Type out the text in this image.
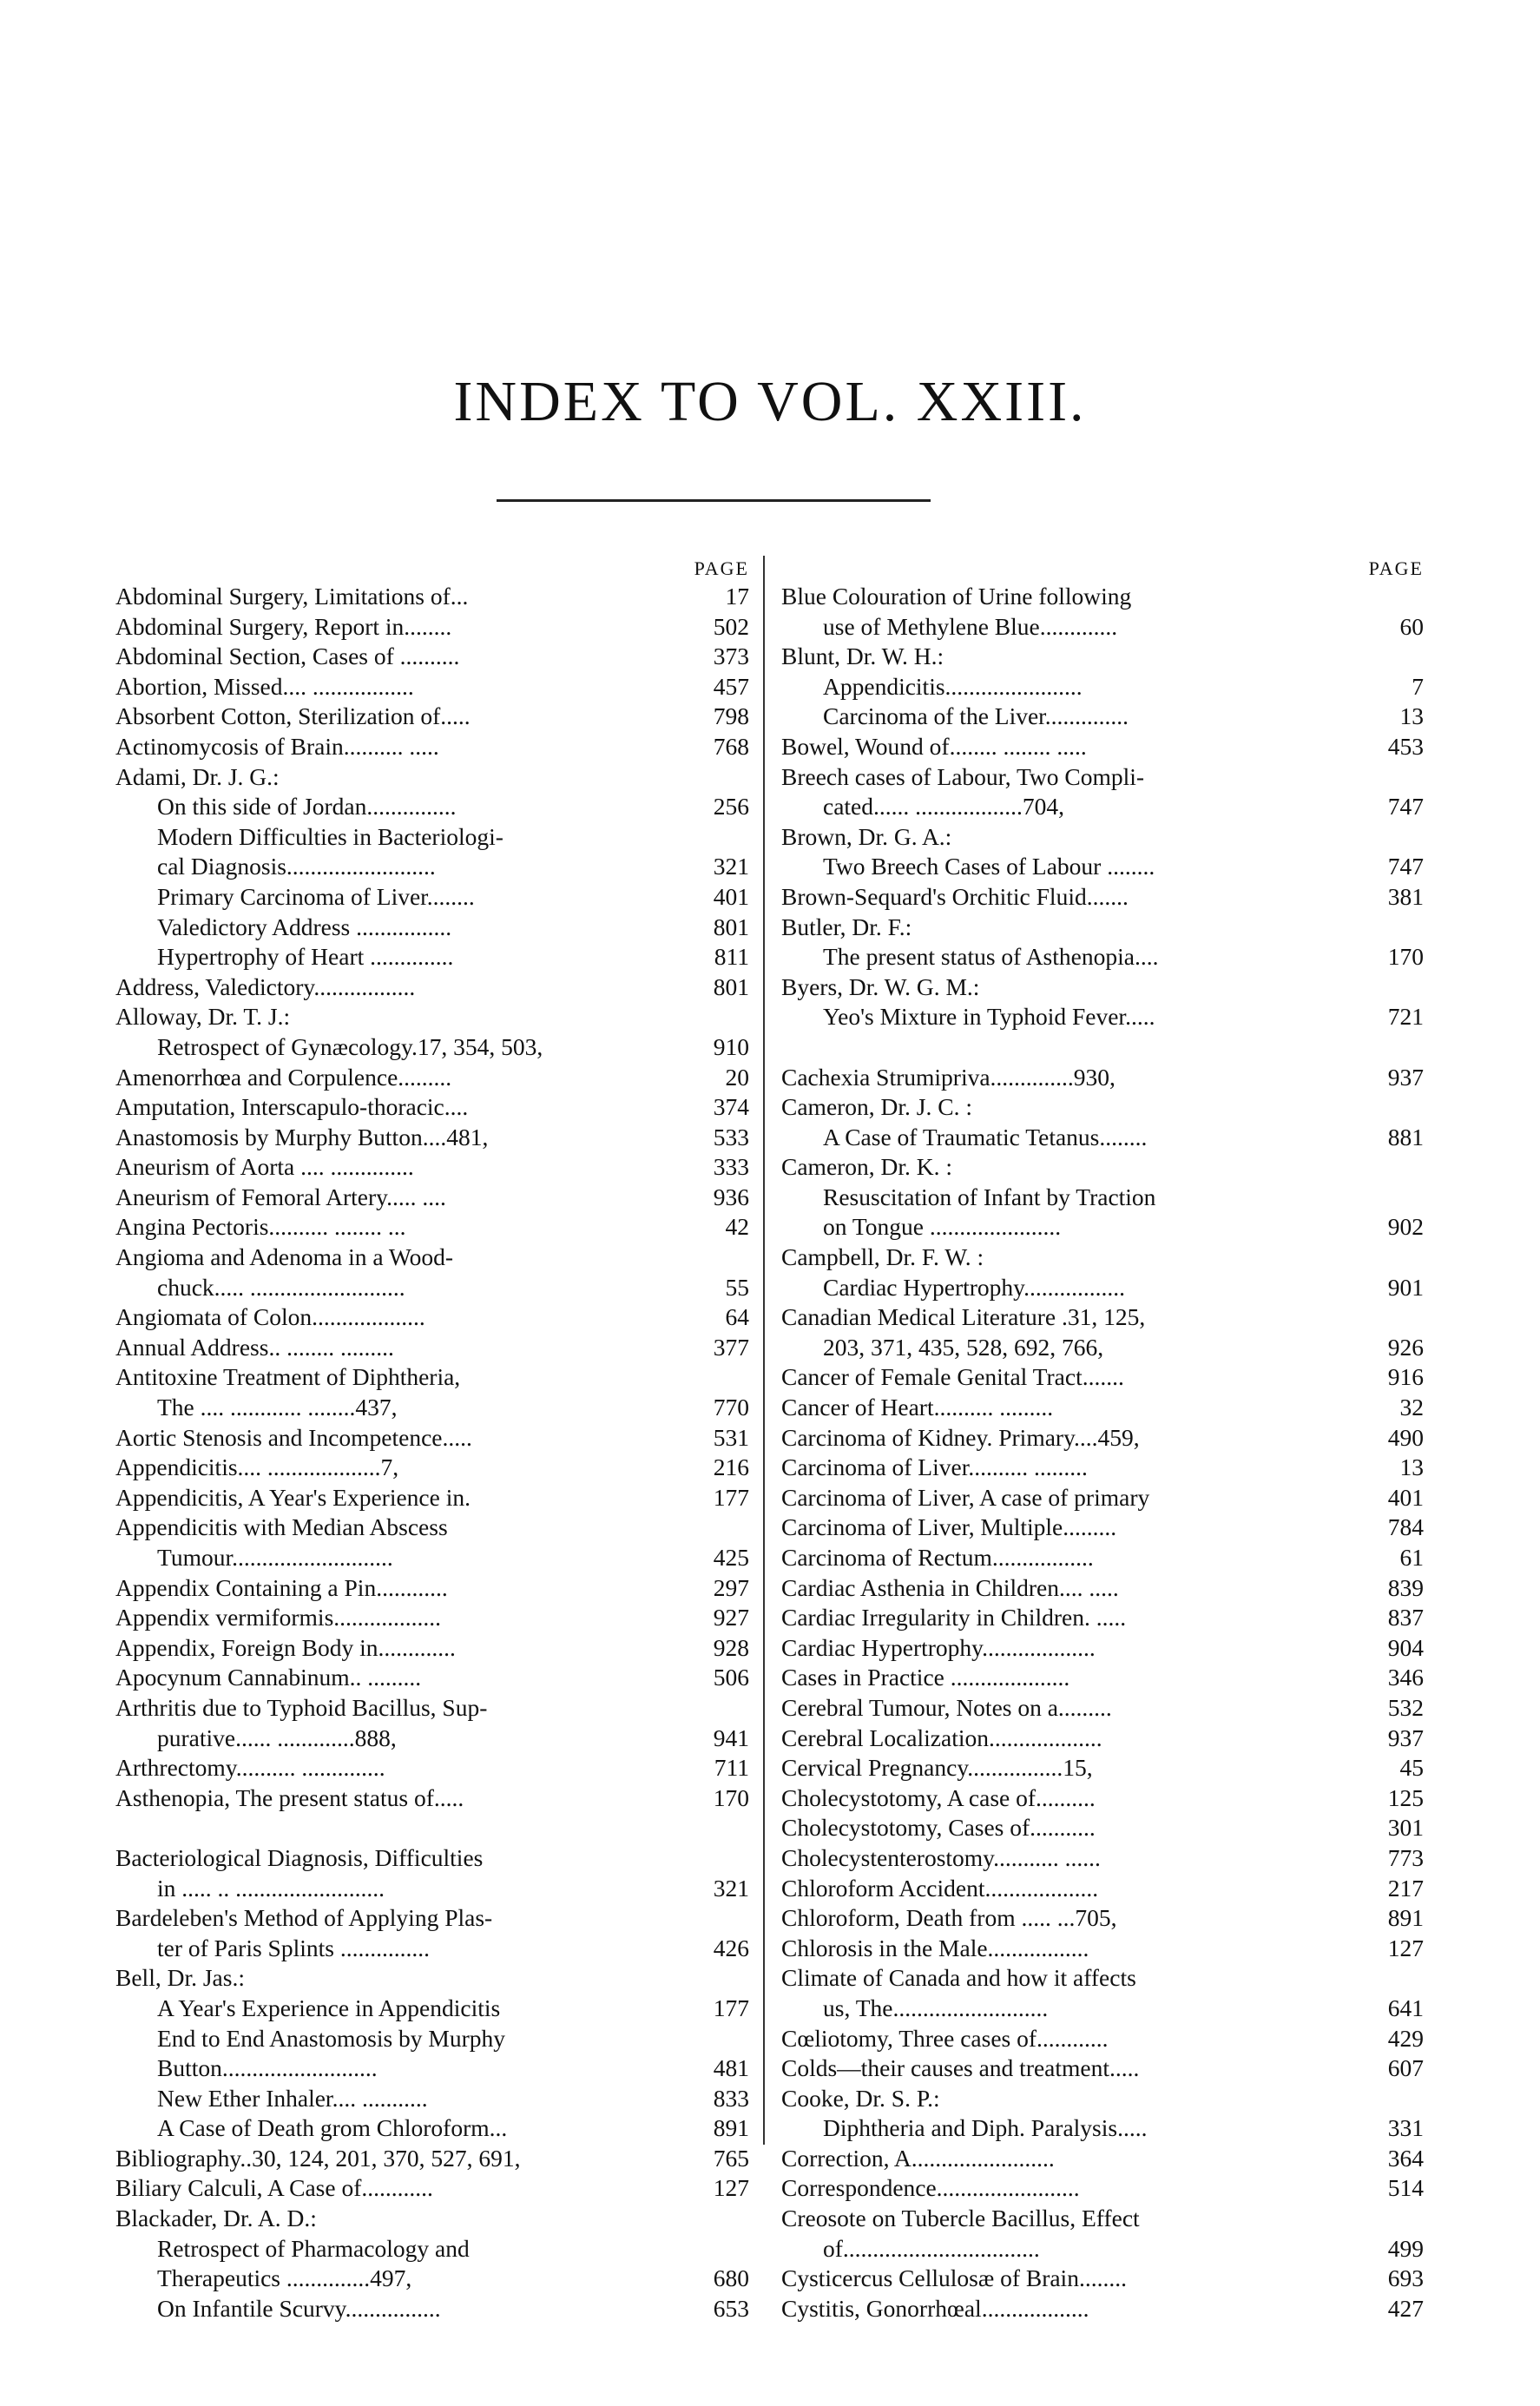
INDEX TO VOL. XXIII.
PAGE
Abdominal Surgery, Limitations of...	17
Abdominal Surgery, Report in........	502
Abdominal Section, Cases of ..........	373
Abortion, Missed.... .................	457
Absorbent Cotton, Sterilization of.....	798
Actinomycosis of Brain.......... .....	768
Adami, Dr. J. G.:
On this side of Jordan...............	256
Modern Difficulties in Bacteriologi-
cal Diagnosis.........................	321
Primary Carcinoma of Liver........	401
Valedictory Address ................	801
Hypertrophy of Heart ..............	811
Address, Valedictory.................	801
Alloway, Dr. T. J.:
Retrospect of Gynæcology.17, 354, 503,	910
Amenorrhœa and Corpulence.........	20
Amputation, Interscapulo-thoracic....	374
Anastomosis by Murphy Button....481,	533
Aneurism of Aorta .... ..............	333
Aneurism of Femoral Artery..... ....	936
Angina Pectoris.......... ........ ...	42
Angioma and Adenoma in a Wood-
chuck..... ..........................	55
Angiomata of Colon...................	64
Annual Address.. ........ .........	377
Antitoxine Treatment of Diphtheria,
The .... ............ ........437,	770
Aortic Stenosis and Incompetence.....	531
Appendicitis.... ...................7,	216
Appendicitis, A Year's Experience in.	177
Appendicitis with Median Abscess
Tumour...........................	425
Appendix Containing a Pin............	297
Appendix vermiformis..................	927
Appendix, Foreign Body in.............	928
Apocynum Cannabinum.. .........	506
Arthritis due to Typhoid Bacillus, Sup-
purative...... .............888,	941
Arthrectomy.......... ..............	711
Asthenopia, The present status of.....	170
Bacteriological Diagnosis, Difficulties
in ..... .. .........................	321
Bardeleben's Method of Applying Plas-
ter of Paris Splints ...............	426
Bell, Dr. Jas.:
A Year's Experience in Appendicitis	177
End to End Anastomosis by Murphy
Button..........................	481
New Ether Inhaler.... ...........	833
A Case of Death grom Chloroform...	891
Bibliography..30, 124, 201, 370, 527, 691,	765
Biliary Calculi, A Case of............	127
Blackader, Dr. A. D.:
Retrospect of Pharmacology and
Therapeutics ..............497,	680
On Infantile Scurvy................	653
PAGE
Blue Colouration of Urine following
use of Methylene Blue.............	60
Blunt, Dr. W. H.:
Appendicitis.......................	7
Carcinoma of the Liver..............	13
Bowel, Wound of........ ........ .....	453
Breech cases of Labour, Two Compli-
cated...... ..................704,	747
Brown, Dr. G. A.:
Two Breech Cases of Labour ........	747
Brown-Sequard's Orchitic Fluid.......	381
Butler, Dr. F.:
The present status of Asthenopia....	170
Byers, Dr. W. G. M.:
Yeo's Mixture in Typhoid Fever.....	721
Cachexia Strumipriva..............930,	937
Cameron, Dr. J. C. :
A Case of Traumatic Tetanus........	881
Cameron, Dr. K. :
Resuscitation of Infant by Traction
on Tongue ......................	902
Campbell, Dr. F. W. :
Cardiac Hypertrophy.................	901
Canadian Medical Literature .31, 125,
203, 371, 435, 528, 692, 766,	926
Cancer of Female Genital Tract.......	916
Cancer of Heart.......... .........	32
Carcinoma of Kidney. Primary....459,	490
Carcinoma of Liver.......... .........	13
Carcinoma of Liver, A case of primary	401
Carcinoma of Liver, Multiple.........	784
Carcinoma of Rectum.................	61
Cardiac Asthenia in Children.... .....	839
Cardiac Irregularity in Children. .....	837
Cardiac Hypertrophy...................	904
Cases in Practice ....................	346
Cerebral Tumour, Notes on a.........	532
Cerebral Localization...................	937
Cervical Pregnancy................15,	45
Cholecystotomy, A case of..........	125
Cholecystotomy, Cases of...........	301
Cholecystenterostomy........... ......	773
Chloroform Accident...................	217
Chloroform, Death from ..... ...705,	891
Chlorosis in the Male.................	127
Climate of Canada and how it affects
us, The..........................	641
Cœliotomy, Three cases of............	429
Colds—their causes and treatment.....	607
Cooke, Dr. S. P.:
Diphtheria and Diph. Paralysis.....	331
Correction, A........................	364
Correspondence........................	514
Creosote on Tubercle Bacillus, Effect
of.................................	499
Cysticercus Cellulosæ of Brain........	693
Cystitis, Gonorrhœal..................	427
